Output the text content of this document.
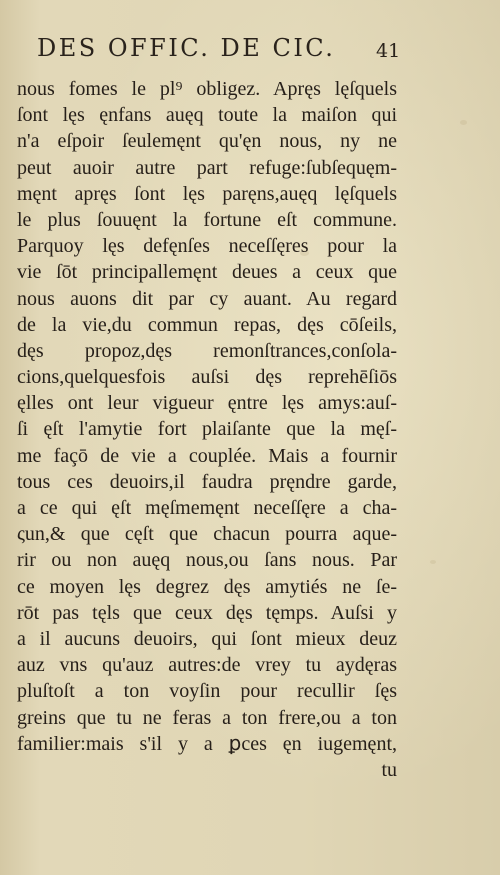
DES OFFIC. DE CIC. 41
nous fomes le pl⁹ obligez. Apręs lęſquels
ſont lęs ęnfans auęq toute la maiſon qui
n'a eſpoir ſeulemęnt qu'ęn nous, ny ne
peut auoir autre part refuge:ſubſequęm-
męnt apręs ſont lęs paręns,auęq lęſquels
le plus ſouuęnt la fortune eſt commune.
Parquoy lęs defęnſes neceſſęres pour la
vie ſōt principallemęnt deues a ceux que
nous auons dit par cy auant. Au regard
de la vie,du commun repas, dęs cōſeils,
dęs propoz,dęs remonſtrances,conſola-
cions,quelquesfois auſsi dęs reprehēſiōs
ęlles ont leur vigueur ęntre lęs amys:auſ-
ſi ęſt l'amytie fort plaiſante que la męſ-
me façō de vie a couplée. Mais a fournir
tous ces deuoirs,il faudra pręndre garde,
a ce qui ęſt męſmemęnt neceſſęre a cha-
ςun,& que cęſt que chacun pourra aque-
rir ou non auęq nous,ou ſans nous. Par
ce moyen lęs degrez dęs amytiés ne ſe-
rōt pas tęls que ceux dęs tęmps. Auſsi y
a il aucuns deuoirs, qui ſont mieux deuz
auz vns qu'auz autres:de vrey tu aydęras
pluſtoſt a ton voyſin pour recullir ſęs
greins que tu ne feras a ton frere,ou a ton
familier:mais s'il y a ꝑces ęn iugemęnt,
tu
